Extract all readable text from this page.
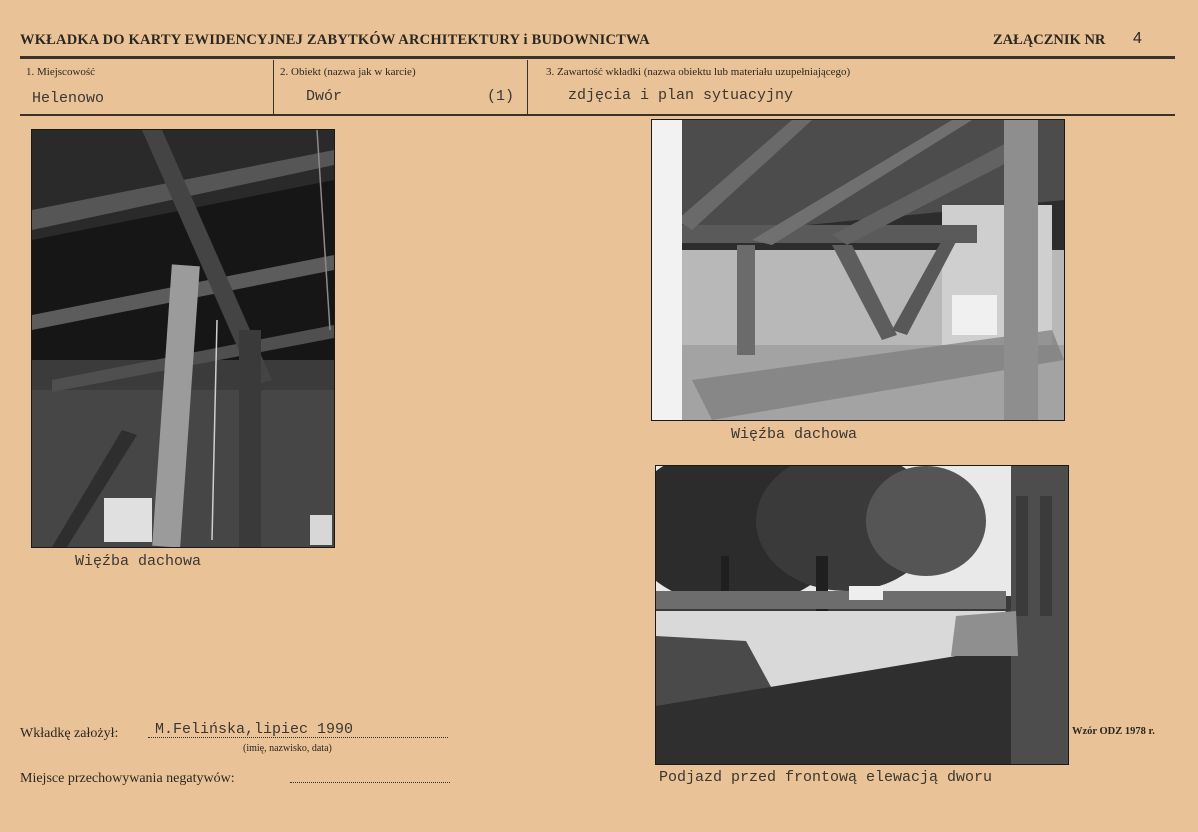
WKŁADKA DO KARTY EWIDENCYJNEJ ZABYTKÓW ARCHITEKTURY i BUDOWNICTWA	ZAŁĄCZNIK NR 4
1. Miejscowość
Helenowo
2. Obiekt (nazwa jak w karcie)
Dwór	(1)
3. Zawartość wkładki (nazwa obiektu lub materiału uzupełniającego)
zdjęcia i plan sytuacyjny
Więźba dachowa
Więźba dachowa
Podjazd przed frontową elewacją dworu
Wkładkę założył: M.Felińska,lipiec 1990
(imię, nazwisko, data)
Miejsce przechowywania negatywów:
Wzór ODZ 1978 r.
